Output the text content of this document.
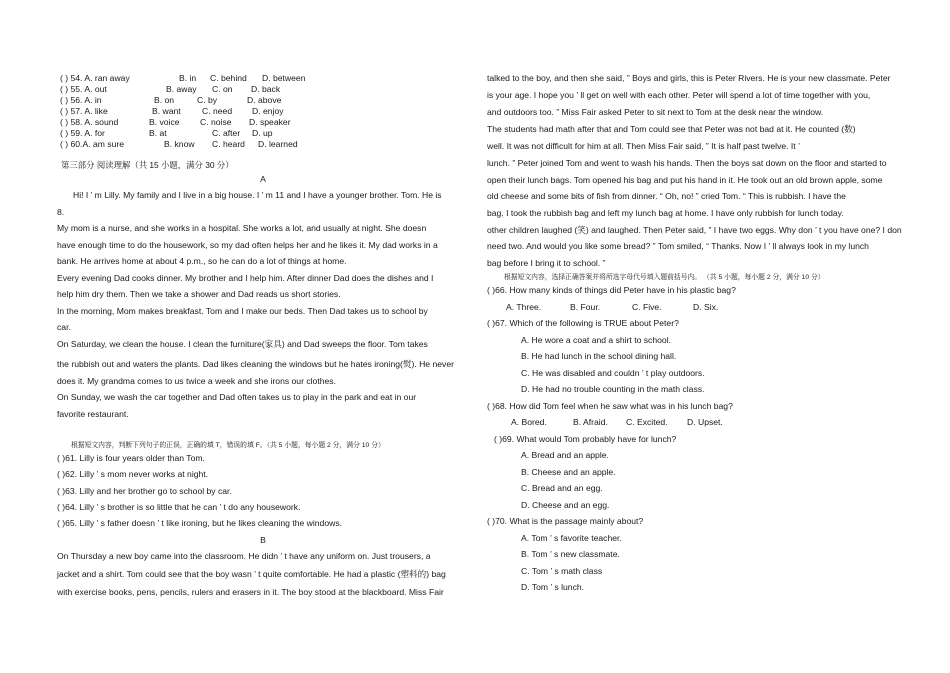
( ) 54. A. ran away	B. in C. behind D. between
( ) 55. A. out	B. away C. on D. back
( ) 56. A. in	B. on	C. by	D. above
( ) 57. A. like	B. want C. need D. enjoy
( ) 58. A. sound	B. voice C. noise D. speaker
( ) 59. A. for	B. at	C. after D. up
( ) 60.A. am sure	B. know C. heard D. learned
第三部分 阅读理解（共 15 小题，满分 30 分）
A
Hi! I ’ m Lilly. My family and I live in a big house. I ’ m 11 and I have a younger brother. Tom. He is
8.
My mom is a nurse, and she works in a hospital. She works a lot, and usually at night. She doesn
have enough time to do the housework, so my dad often helps her and he likes it. My dad works in a
bank. He arrives home at about 4 p.m., so he can do a lot of things at home.
Every evening Dad cooks dinner. My brother and I help him. After dinner Dad does the dishes and I
help him dry them. Then we take a shower and Dad reads us short stories.
In the morning, Mom makes breakfast. Tom and I make our beds. Then Dad takes us to school by
car.
On Saturday, we clean the house. I clean the furniture(家具) and Dad sweeps the floor. Tom takes
the rubbish out and waters the plants. Dad likes cleaning the windows but he hates ironing(熨). He never
does it. My grandma comes to us twice a week and she irons our clothes.
On Sunday, we wash the car together and Dad often takes us to play in the park and eat in our
favorite restaurant.
根据短文内容，判断下列句子的正误，正确的填 T，错误的填 F。（共 5 小题，每小题 2 分，满分 10 分）
( )61. Lilly is four years older than Tom.
( )62. Lilly ’ s mom never works at night.
( )63. Lilly and her brother go to school by car.
( )64. Lilly ’ s brother is so little that he can ’ t do any housework.
( )65. Lilly ’ s father doesn ’ t like ironing, but he likes cleaning the windows.
B
On Thursday a new boy came into the classroom. He didn ’ t have any uniform on. Just trousers, a
jacket and a shirt. Tom could see that the boy wasn ’ t quite comfortable. He had a plastic (塑料的) bag
with exercise books, pens, pencils, rulers and erasers in it. The boy stood at the blackboard. Miss Fair
talked to the boy, and then she said, ” Boys and girls, this is Peter Rivers. He is your new classmate. Peter
is your age. I hope you ’ ll get on well with each other. Peter will spend a lot of time together with you,
and outdoors too. ” Miss Fair asked Peter to sit next to Tom at the desk near the window.
The students had math after that and Tom could see that Peter was not bad at it. He counted (数)
well. It was not difficult for him at all. Then Miss Fair said, ” It is half past twelve. It ’
lunch. ” Peter joined Tom and went to wash his hands. Then the boys sat down on the floor and started to
open their lunch bags. Tom opened his bag and put his hand in it. He took out an old brown apple, some
old cheese and some bits of fish from dinner. “ Oh, no! ” cried Tom. “ This is rubbish. I have the
bag. I took the rubbish bag and left my lunch bag at home. I have only rubbish for lunch today.
other children laughed (笑) and laughed. Then Peter said, ” I have two eggs. Why don ’ t you have one? I don
need two. And would you like some bread? ” Tom smiled, “ Thanks. Now I ’ ll always look in my lunch
bag before I bring it to school. ”
根据短文内容，选择正确答案并将所选字母代号填入题前括号内。 （共 5 小题，每小题 2 分，满分 10 分）
( )66. How many kinds of things did Peter have in his plastic bag?
A. Three.	B. Four.	C. Five.	D. Six.
( )67. Which of the following is TRUE about Peter?
A. He wore a coat and a shirt to school.
B. He had lunch in the school dining hall.
C. He was disabled and couldn ’ t play outdoors.
D. He had no trouble counting in the math class.
( )68. How did Tom feel when he saw what was in his lunch bag?
A. Bored.	B. Afraid. C. Excited. D. Upset.
( )69. What would Tom probably have for lunch?
A. Bread and an apple.
B. Cheese and an apple.
C. Bread and an egg.
D. Cheese and an egg.
( )70. What is the passage mainly about?
A. Tom ’ s favorite teacher.
B. Tom ’ s new classmate.
C. Tom ’ s math class
D. Tom ’ s lunch.
